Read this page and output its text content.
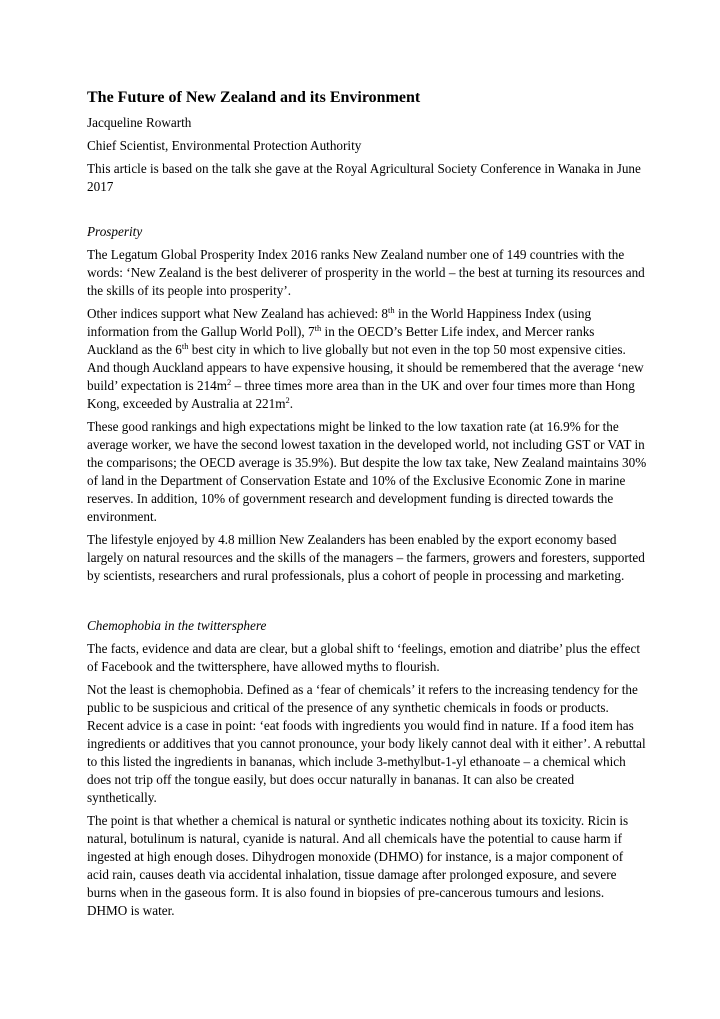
The Future of New Zealand and its Environment
Jacqueline Rowarth
Chief Scientist, Environmental Protection Authority
This article is based on the talk she gave at the Royal Agricultural Society Conference in Wanaka in June 2017
Prosperity
The Legatum Global Prosperity Index 2016 ranks New Zealand number one of 149 countries with the words: ‘New Zealand is the best deliverer of prosperity in the world – the best at turning its resources and the skills of its people into prosperity’.
Other indices support what New Zealand has achieved: 8th in the World Happiness Index (using information from the Gallup World Poll), 7th in the OECD’s Better Life index, and Mercer ranks Auckland as the 6th best city in which to live globally but not even in the top 50 most expensive cities. And though Auckland appears to have expensive housing, it should be remembered that the average ‘new build’ expectation is $214m^2$ – three times more area than in the UK and over four times more than Hong Kong, exceeded by Australia at $221m^2$.
These good rankings and high expectations might be linked to the low taxation rate (at 16.9% for the average worker, we have the second lowest taxation in the developed world, not including GST or VAT in the comparisons; the OECD average is 35.9%). But despite the low tax take, New Zealand maintains 30% of land in the Department of Conservation Estate and 10% of the Exclusive Economic Zone in marine reserves. In addition, 10% of government research and development funding is directed towards the environment.
The lifestyle enjoyed by 4.8 million New Zealanders has been enabled by the export economy based largely on natural resources and the skills of the managers – the farmers, growers and foresters, supported by scientists, researchers and rural professionals, plus a cohort of people in processing and marketing.
Chemophobia in the twittersphere
The facts, evidence and data are clear, but a global shift to ‘feelings, emotion and diatribe’ plus the effect of Facebook and the twittersphere, have allowed myths to flourish.
Not the least is chemophobia. Defined as a ‘fear of chemicals’ it refers to the increasing tendency for the public to be suspicious and critical of the presence of any synthetic chemicals in foods or products. Recent advice is a case in point: ‘eat foods with ingredients you would find in nature. If a food item has ingredients or additives that you cannot pronounce, your body likely cannot deal with it either’. A rebuttal to this listed the ingredients in bananas, which include 3-methylbut-1-yl ethanoate – a chemical which does not trip off the tongue easily, but does occur naturally in bananas. It can also be created synthetically.
The point is that whether a chemical is natural or synthetic indicates nothing about its toxicity. Ricin is natural, botulinum is natural, cyanide is natural. And all chemicals have the potential to cause harm if ingested at high enough doses. Dihydrogen monoxide (DHMO) for instance, is a major component of acid rain, causes death via accidental inhalation, tissue damage after prolonged exposure, and severe burns when in the gaseous form. It is also found in biopsies of pre-cancerous tumours and lesions. DHMO is water.
